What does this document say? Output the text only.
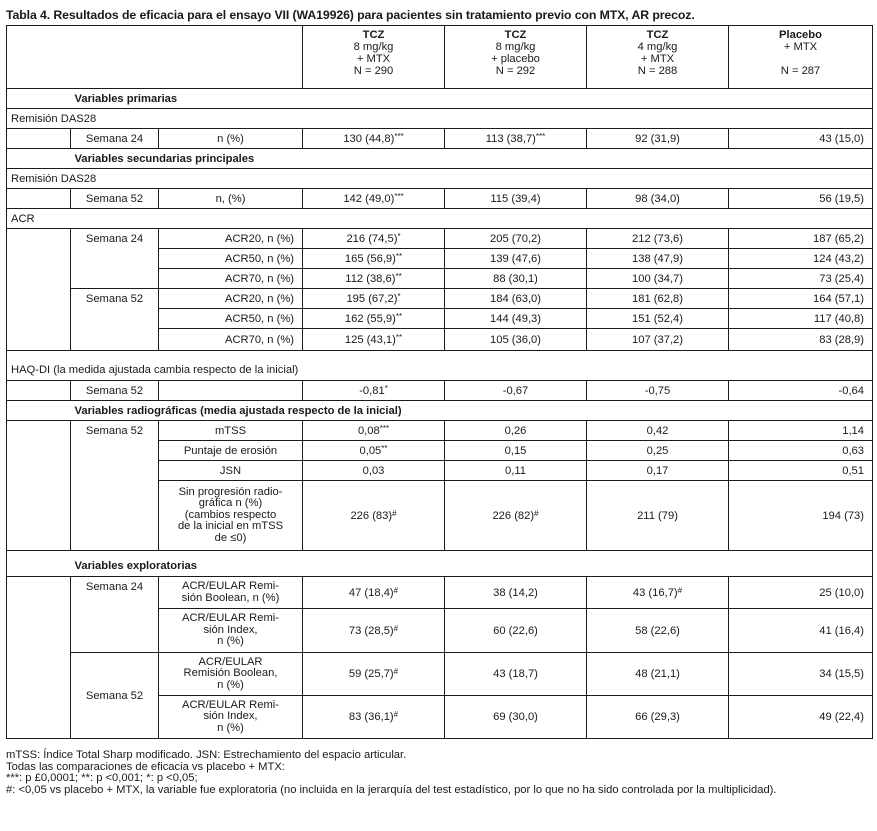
Tabla 4. Resultados de eficacia para el ensayo VII (WA19926) para pacientes sin tratamiento previo con MTX, AR precoz.

			TCZ
8 mg/kg
+ MTX
N = 290	TCZ
8 mg/kg
+ placebo
N = 292	TCZ
4 mg/kg
+ MTX
N = 288	Placebo
+ MTX
N = 287

	Variables primarias					
Remisión DAS28						
	Semana 24	n (%)	130 (44,8)***	113 (38,7)***	92 (31,9)	43 (15,0)
	Variables secundarias principales					
Remisión DAS28						
	Semana 52	n, (%)	142 (49,0)***	115 (39,4)	98 (34,0)	56 (19,5)
ACR						
	Semana 24	ACR20, n (%)	216 (74,5)*	205 (70,2)	212 (73,6)	187 (65,2)
		ACR50, n (%)	165 (56,9)**	139 (47,6)	138 (47,9)	124 (43,2)
		ACR70, n (%)	112 (38,6)**	88 (30,1)	100 (34,7)	73 (25,4)
	Semana 52	ACR20, n (%)	195 (67,2)*	184 (63,0)	181 (62,8)	164 (57,1)
		ACR50, n (%)	162 (55,9)**	144 (49,3)	151 (52,4)	117 (40,8)
		ACR70, n (%)	125 (43,1)**	105 (36,0)	107 (37,2)	83 (28,9)

HAQ-DI (la medida ajustada cambia respecto de la inicial)						
	Semana 52		-0,81*	-0,67	-0,75	-0,64
	Variables radiográficas (media ajustada respecto de la inicial)					
	Semana 52	mTSS	0,08***	0,26	0,42	1,14
		Puntaje de erosión	0,05**	0,15	0,25	0,63
		JSN	0,03	0,11	0,17	0,51

		Sin progresión radio-
gráfica n (%)
(cambios respecto
de la inicial en mTSS
de ≤0)	226 (83)#	226 (82)#	211 (79)	194 (73)

	Variables exploratorias					
	Semana 24	ACR/EULAR Remi-
sión Boolean, n (%)	47 (18,4)#	38 (14,2)	43 (16,7)#	25 (10,0)

		ACR/EULAR Remi-
sión Index,
n (%)	73 (28,5)#	60 (22,6)	58 (22,6)	41 (16,4)
	Semana 52	ACR/EULAR
Remisión Boolean,
n (%)	59 (25,7)#	43 (18,7)	48 (21,1)	34 (15,5)

		ACR/EULAR Remi-
sión Index,
n (%)	83 (36,1)#	69 (30,0)	66 (29,3)	49 (22,4)
mTSS: Índice Total Sharp modificado. JSN: Estrechamiento del espacio articular.
Todas las comparaciones de eficacia vs placebo + MTX:
***: p £0,0001; **: p <0,001; *: p <0,05;
#: <0,05 vs placebo + MTX, la variable fue exploratoria (no incluida en la jerarquía del test estadístico, por lo que no ha sido controlada por la multiplicidad).
